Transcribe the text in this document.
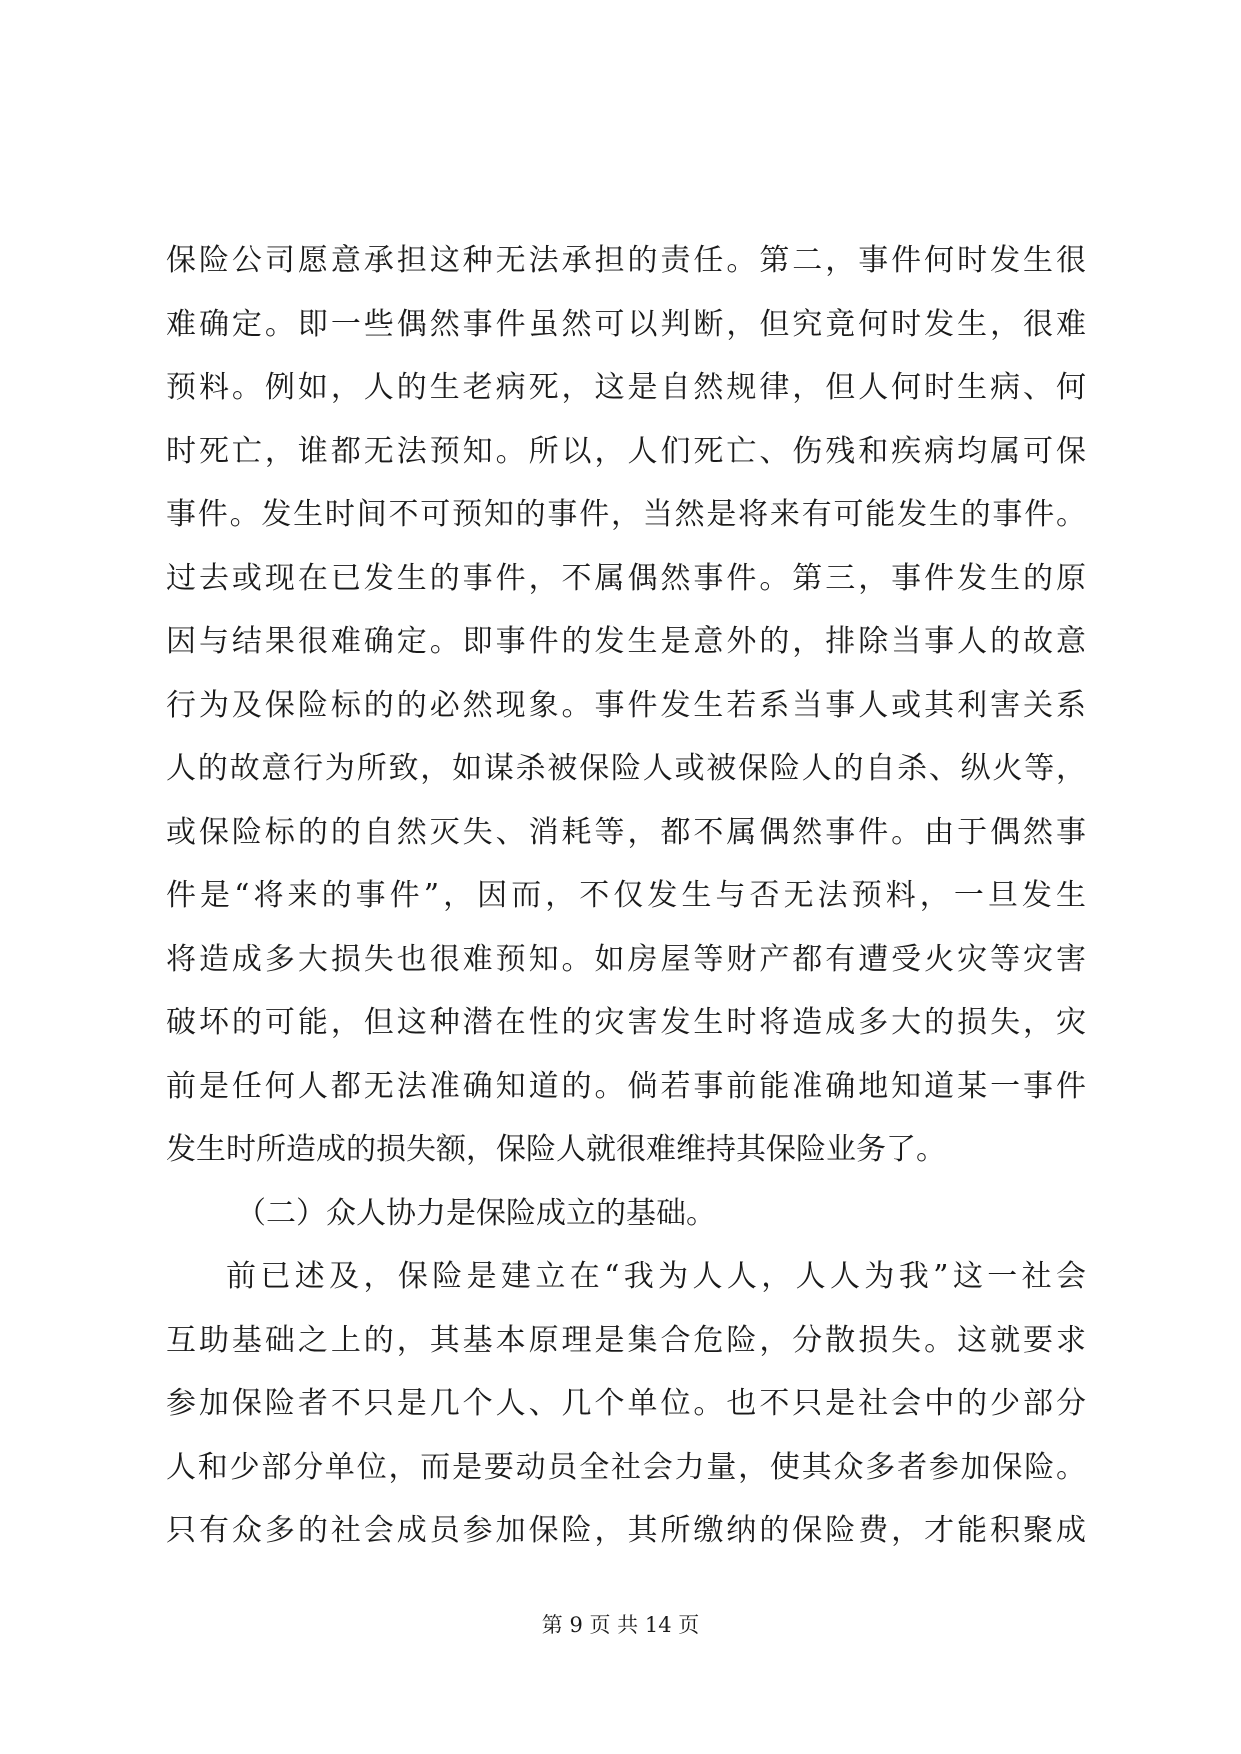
保险公司愿意承担这种无法承担的责任。第二，事件何时发生很
难确定。即一些偶然事件虽然可以判断，但究竟何时发生，很难
预料。例如，人的生老病死，这是自然规律，但人何时生病、何
时死亡，谁都无法预知。所以，人们死亡、伤残和疾病均属可保
事件。发生时间不可预知的事件，当然是将来有可能发生的事件。
过去或现在已发生的事件，不属偶然事件。第三，事件发生的原
因与结果很难确定。即事件的发生是意外的，排除当事人的故意
行为及保险标的的必然现象。事件发生若系当事人或其利害关系
人的故意行为所致，如谋杀被保险人或被保险人的自杀、纵火等，
或保险标的的自然灭失、消耗等，都不属偶然事件。由于偶然事
件是“将来的事件”，因而，不仅发生与否无法预料，一旦发生
将造成多大损失也很难预知。如房屋等财产都有遭受火灾等灾害
破坏的可能，但这种潜在性的灾害发生时将造成多大的损失，灾
前是任何人都无法准确知道的。倘若事前能准确地知道某一事件
发生时所造成的损失额，保险人就很难维持其保险业务了。
（二）众人协力是保险成立的基础。
前已述及，保险是建立在“我为人人，人人为我”这一社会
互助基础之上的，其基本原理是集合危险，分散损失。这就要求
参加保险者不只是几个人、几个单位。也不只是社会中的少部分
人和少部分单位，而是要动员全社会力量，使其众多者参加保险。
只有众多的社会成员参加保险，其所缴纳的保险费，才能积聚成
第 9 页 共 14 页
